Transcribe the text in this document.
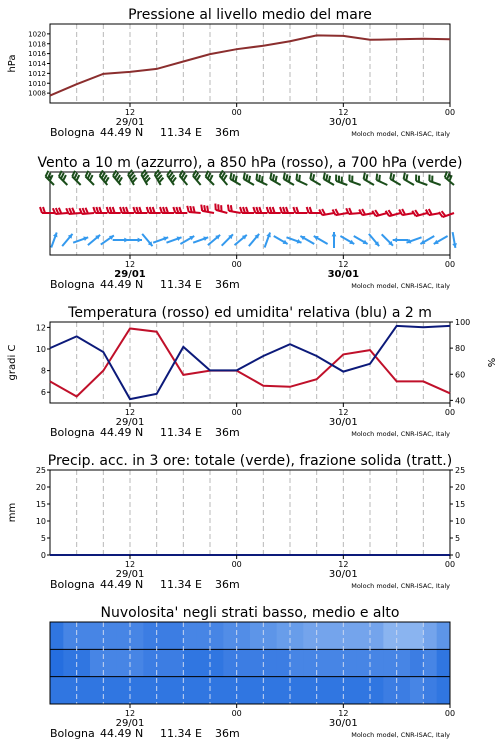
Pressione al livello medio del mare
1008
1010
1012
1014
1016
1018
1020
hPa
12	00	12	00
29/01	30/01
Bologna 44.49 N 11.34 E 36m	Moloch model, CNR-ISAC, Italy
Vento a 10 m (azzurro), a 850 hPa (rosso), a 700 hPa (verde)
12	00	12	00
29/01	30/01
Bologna 44.49 N 11.34 E 36m	Moloch model, CNR-ISAC, Italy
Temperatura (rosso) ed umidita' relativa (blu) a 2 m
6
8
10
12
40
60
80
100
gradi C	%
12	00	12	00
29/01	30/01
Bologna 44.49 N 11.34 E 36m	Moloch model, CNR-ISAC, Italy
Precip. acc. in 3 ore: totale (verde), frazione solida (tratt.)
0	0
5	5
10	10
15	15
20	20
25	25
mm
12	00	12	00
29/01	30/01
Bologna 44.49 N 11.34 E 36m	Moloch model, CNR-ISAC, Italy
Nuvolosita' negli strati basso, medio e alto
12	00	12	00
29/01	30/01
Bologna 44.49 N 11.34 E 36m	Moloch model, CNR-ISAC, Italy
